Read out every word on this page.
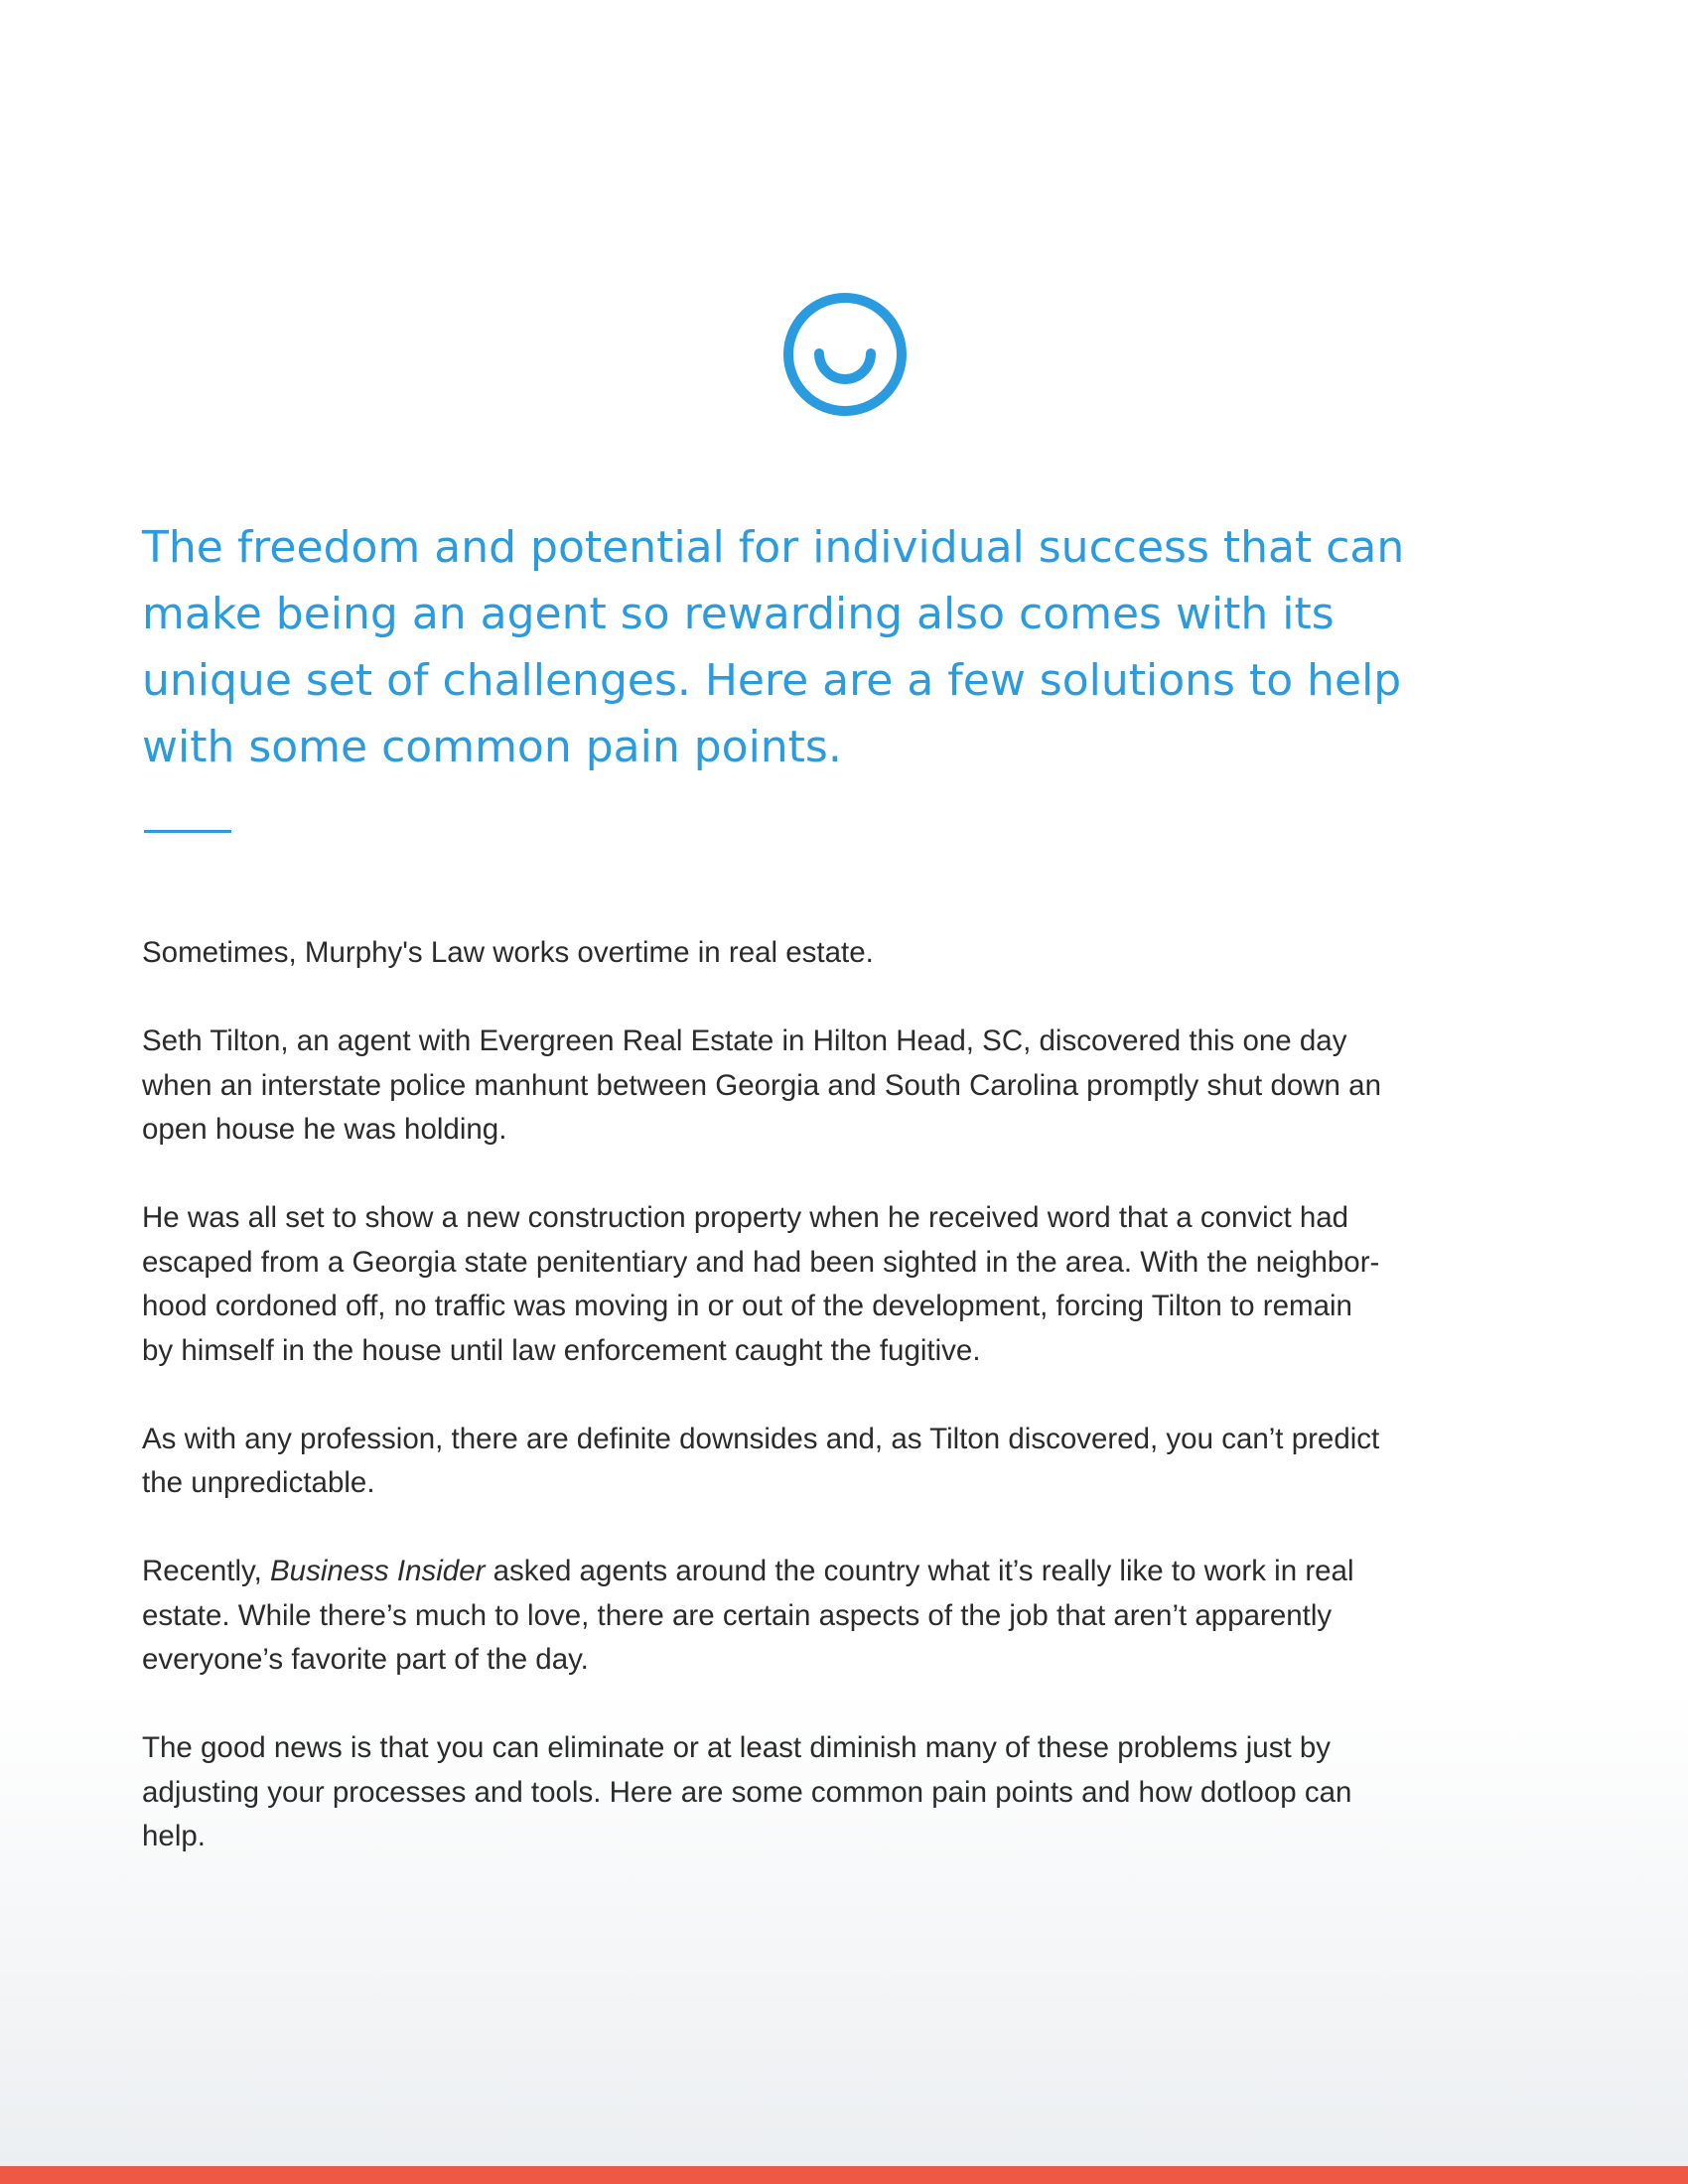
The freedom and potential for individual success that can
make being an agent so rewarding also comes with its
unique set of challenges. Here are a few solutions to help
with some common pain points.

Sometimes, Murphy's Law works overtime in real estate.

Seth Tilton, an agent with Evergreen Real Estate in Hilton Head, SC, discovered this one day
when an interstate police manhunt between Georgia and South Carolina promptly shut down an
open house he was holding.

He was all set to show a new construction property when he received word that a convict had
escaped from a Georgia state penitentiary and had been sighted in the area. With the neighbor-
hood cordoned off, no traffic was moving in or out of the development, forcing Tilton to remain
by himself in the house until law enforcement caught the fugitive.

As with any profession, there are definite downsides and, as Tilton discovered, you can’t predict
the unpredictable.

Recently, Business Insider asked agents around the country what it’s really like to work in real
estate. While there’s much to love, there are certain aspects of the job that aren’t apparently
everyone’s favorite part of the day.

The good news is that you can eliminate or at least diminish many of these problems just by
adjusting your processes and tools. Here are some common pain points and how dotloop can
help.
